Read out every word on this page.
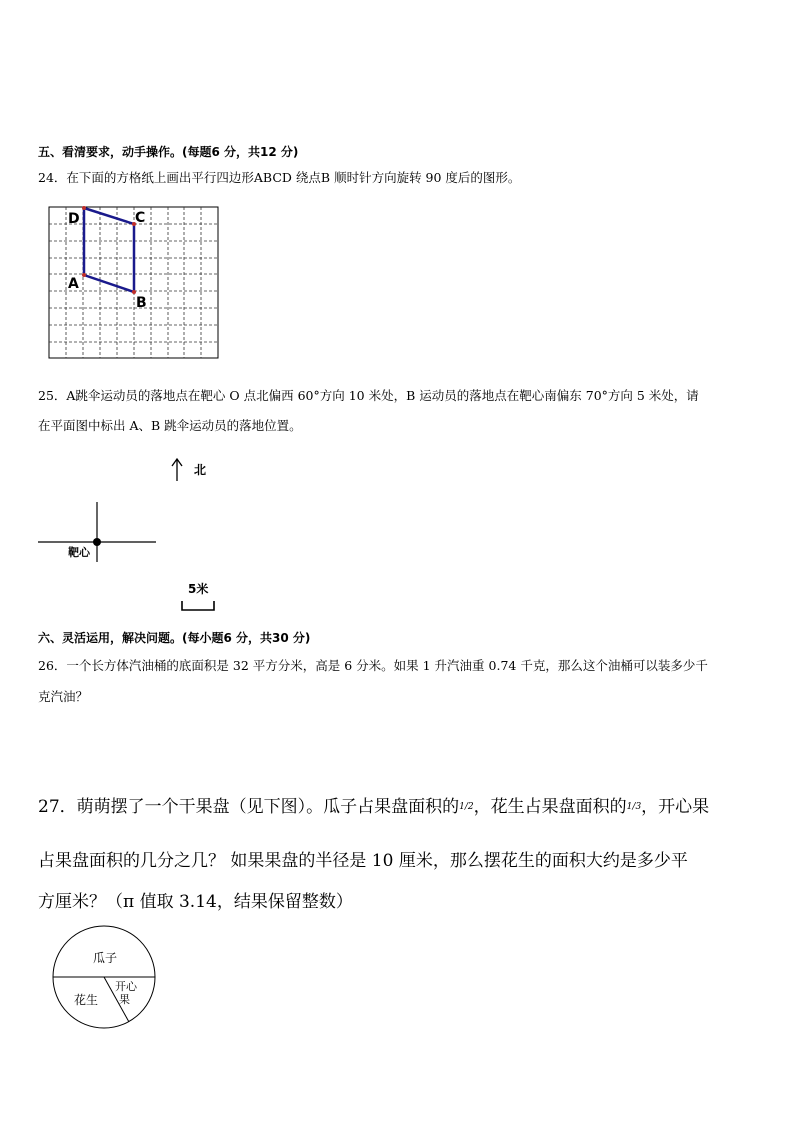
五、看清要求，动手操作。(每题6 分，共12 分)
24．在下面的方格纸上画出平行四边形ABCD 绕点B 顺时针方向旋转 90 度后的图形。
D	C
A
B
25．A跳伞运动员的落地点在靶心 O 点北偏西 60°方向 10 米处，B 运动员的落地点在靶心南偏东 70°方向 5 米处，请
在平面图中标出 A、B 跳伞运动员的落地位置。
北
靶心
5米
六、灵活运用，解决问题。(每小题6 分，共30 分)
26．一个长方体汽油桶的底面积是 32 平方分米，高是 6 分米。如果 1 升汽油重 0.74 千克，那么这个油桶可以装多少千
克汽油？
27．萌萌摆了一个干果盘（见下图）。瓜子占果盘面积的1/2，花生占果盘面积的1/3，开心果
占果盘面积的几分之几？ 如果果盘的半径是 10 厘米，那么摆花生的面积大约是多少平
方厘米？（π 值取 3.14，结果保留整数）
瓜子
花生
开心
果
